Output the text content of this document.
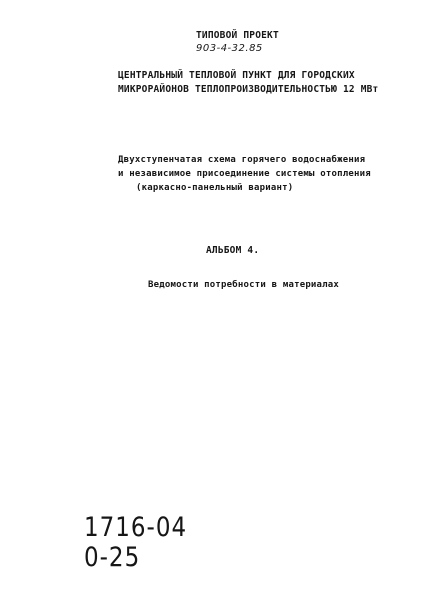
ТИПОВОЙ ПРОЕКТ
903-4-32.85
ЦЕНТРАЛЬНЫЙ ТЕПЛОВОЙ ПУНКТ ДЛЯ ГОРОДСКИХ
МИКРОРАЙОНОВ ТЕПЛОПРОИЗВОДИТЕЛЬНОСТЬЮ 12 МВт
Двухступенчатая схема горячего водоснабжения
и независимое присоединение системы отопления
(каркасно-панельный вариант)
АЛЬБОМ 4.
Ведомости потребности в материалах
1716-04
0-25
